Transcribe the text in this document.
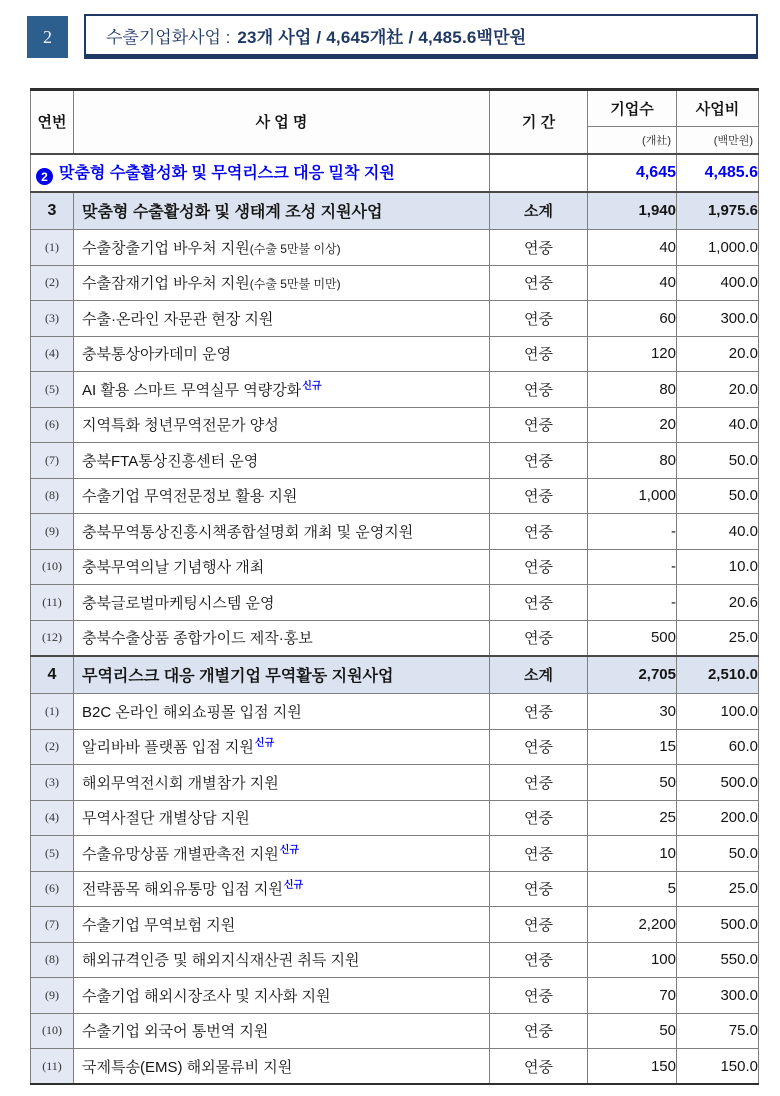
2	수출기업화사업 : 23개 사업 / 4,645개社 / 4,485.6백만원
연번	사 업 명	기 간	기업수	사업비
			(개社)	(백만원)
2 맞춤형 수출활성화 및 무역리스크 대응 밀착 지원			4,645	4,485.6
3	맞춤형 수출활성화 및 생태계 조성 지원사업	소계	1,940	1,975.6
(1)	수출창출기업 바우처 지원(수출 5만불 이상)	연중	40	1,000.0
(2)	수출잠재기업 바우처 지원(수출 5만불 미만)	연중	40	400.0
(3)	수출·온라인 자문관 현장 지원	연중	60	300.0
(4)	충북통상아카데미 운영	연중	120	20.0
(5)	AI 활용 스마트 무역실무 역량강화$^{신규}$	연중	80	20.0
(6)	지역특화 청년무역전문가 양성	연중	20	40.0
(7)	충북FTA통상진흥센터 운영	연중	80	50.0
(8)	수출기업 무역전문정보 활용 지원	연중	1,000	50.0
(9)	충북무역통상진흥시책종합설명회 개최 및 운영지원	연중	-	40.0
(10)	충북무역의날 기념행사 개최	연중	-	10.0
(11)	충북글로벌마케팅시스템 운영	연중	-	20.6
(12)	충북수출상품 종합가이드 제작·홍보	연중	500	25.0
4	무역리스크 대응 개별기업 무역활동 지원사업	소계	2,705	2,510.0
(1)	B2C 온라인 해외쇼핑몰 입점 지원	연중	30	100.0
(2)	알리바바 플랫폼 입점 지원$^{신규}$	연중	15	60.0
(3)	해외무역전시회 개별참가 지원	연중	50	500.0
(4)	무역사절단 개별상담 지원	연중	25	200.0
(5)	수출유망상품 개별판촉전 지원$^{신규}$	연중	10	50.0
(6)	전략품목 해외유통망 입점 지원$^{신규}$	연중	5	25.0
(7)	수출기업 무역보험 지원	연중	2,200	500.0
(8)	해외규격인증 및 해외지식재산권 취득 지원	연중	100	550.0
(9)	수출기업 해외시장조사 및 지사화 지원	연중	70	300.0
(10)	수출기업 외국어 통번역 지원	연중	50	75.0
(11)	국제특송(EMS) 해외물류비 지원	연중	150	150.0
